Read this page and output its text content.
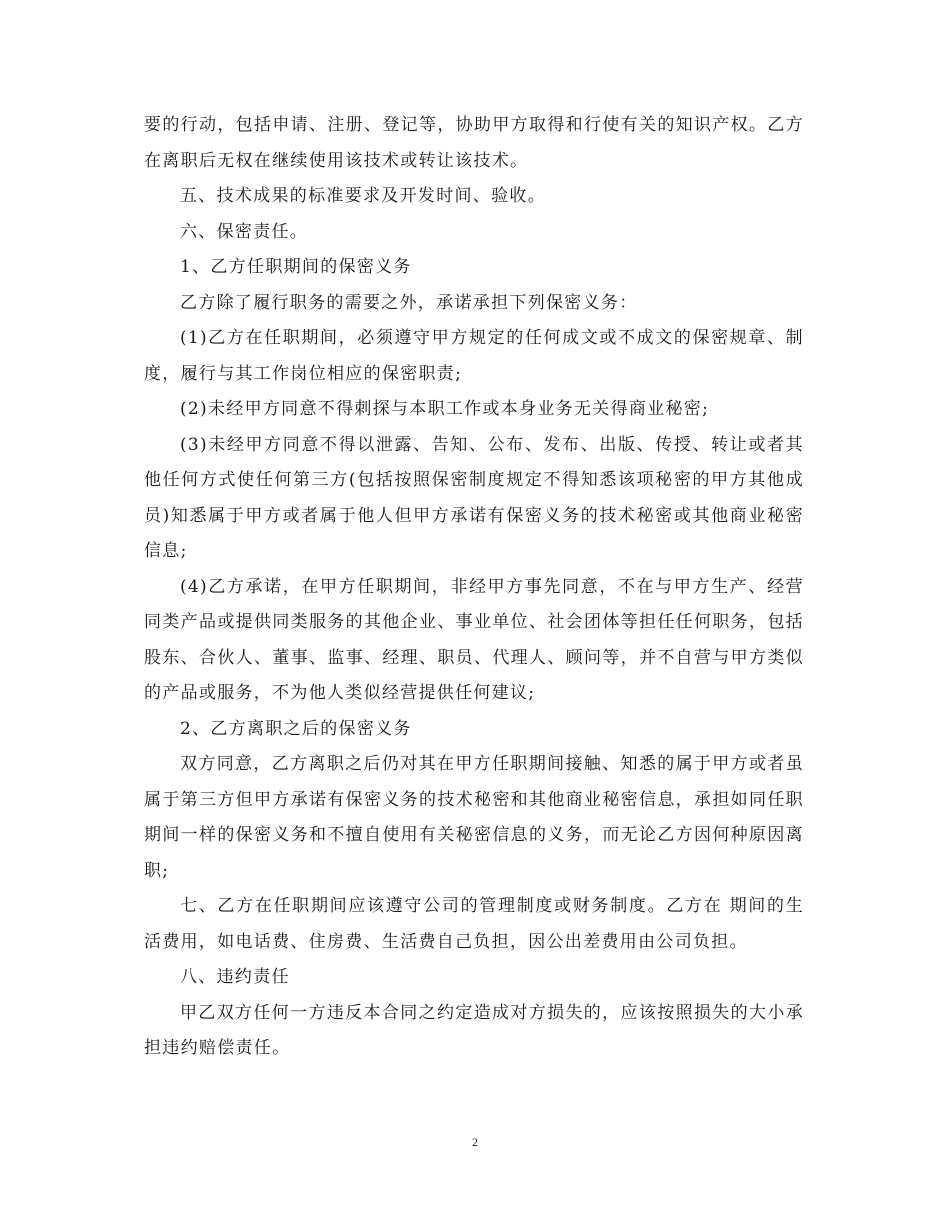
要的行动，包括申请、注册、登记等，协助甲方取得和行使有关的知识产权。乙方在离职后无权在继续使用该技术或转让该技术。

五、技术成果的标准要求及开发时间、验收。

六、保密责任。

1、乙方任职期间的保密义务

乙方除了履行职务的需要之外，承诺承担下列保密义务：

(1)乙方在任职期间，必须遵守甲方规定的任何成文或不成文的保密规章、制度，履行与其工作岗位相应的保密职责;

(2)未经甲方同意不得刺探与本职工作或本身业务无关得商业秘密;

(3)未经甲方同意不得以泄露、告知、公布、发布、出版、传授、转让或者其他任何方式使任何第三方(包括按照保密制度规定不得知悉该项秘密的甲方其他成员)知悉属于甲方或者属于他人但甲方承诺有保密义务的技术秘密或其他商业秘密信息;

(4)乙方承诺，在甲方任职期间，非经甲方事先同意，不在与甲方生产、经营同类产品或提供同类服务的其他企业、事业单位、社会团体等担任任何职务，包括股东、合伙人、董事、监事、经理、职员、代理人、顾问等，并不自营与甲方类似的产品或服务，不为他人类似经营提供任何建议;

2、乙方离职之后的保密义务

双方同意，乙方离职之后仍对其在甲方任职期间接触、知悉的属于甲方或者虽属于第三方但甲方承诺有保密义务的技术秘密和其他商业秘密信息，承担如同任职期间一样的保密义务和不擅自使用有关秘密信息的义务，而无论乙方因何种原因离职;

七、乙方在任职期间应该遵守公司的管理制度或财务制度。乙方在 期间的生活费用，如电话费、住房费、生活费自己负担，因公出差费用由公司负担。

八、违约责任

甲乙双方任何一方违反本合同之约定造成对方损失的，应该按照损失的大小承担违约赔偿责任。

2
